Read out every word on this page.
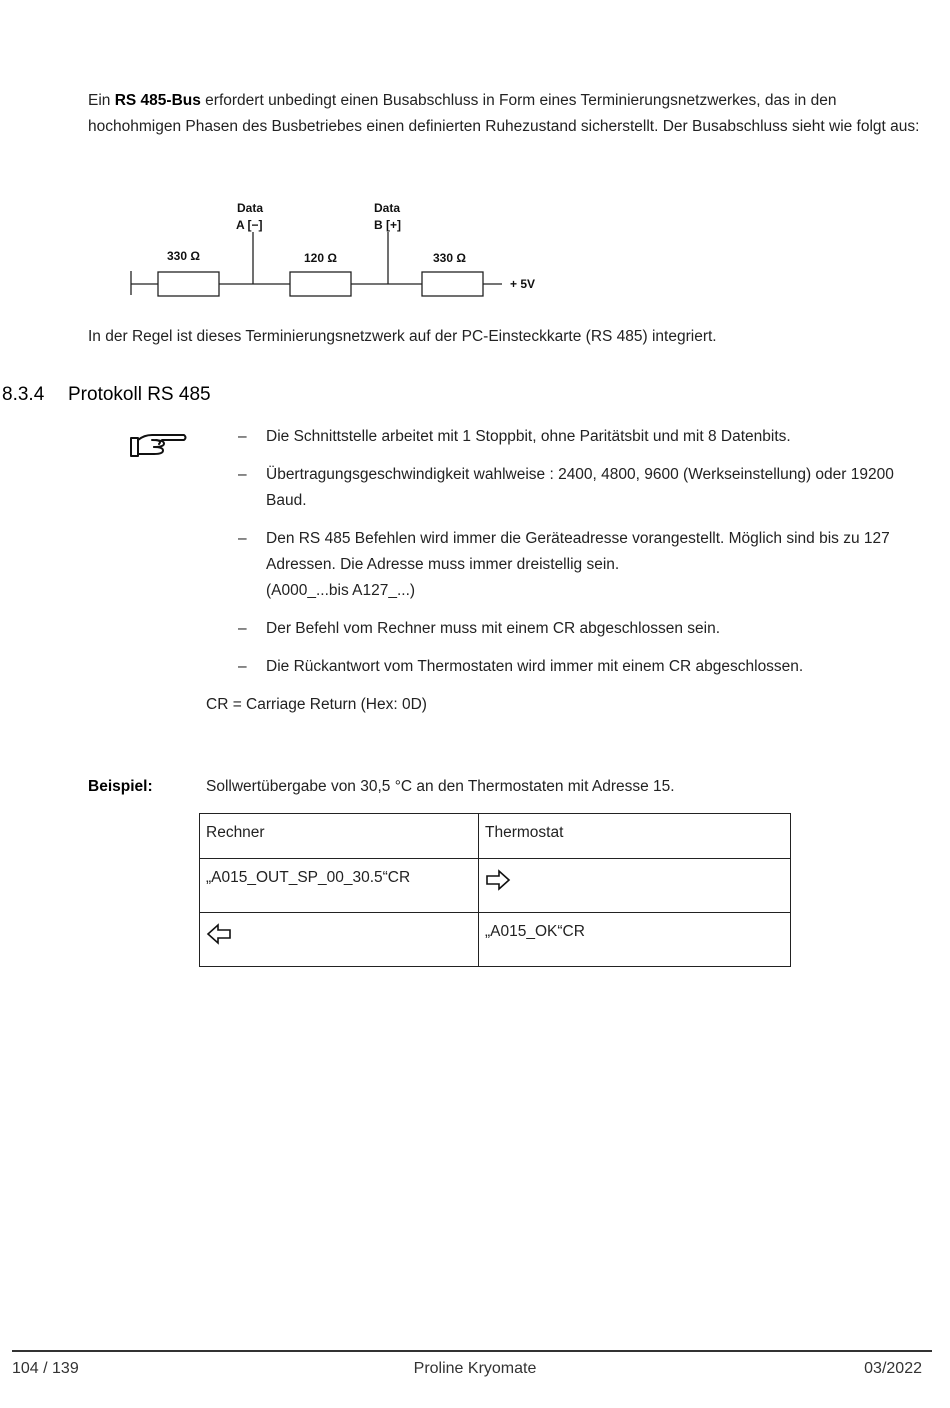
Ein RS 485-Bus erfordert unbedingt einen Busabschluss in Form eines Terminierungsnetzwerkes, das in den hochohmigen Phasen des Busbetriebes einen definierten Ruhezustand sicherstellt. Der Busabschluss sieht wie folgt aus:
Data
A [−]
Data
B [+]
330 Ω	120 Ω	330 Ω
+ 5V
In der Regel ist dieses Terminierungsnetzwerk auf der PC-Einsteckkarte (RS 485) integriert.
8.3.4 Protokoll RS 485
– Die Schnittstelle arbeitet mit 1 Stoppbit, ohne Paritätsbit und mit 8 Datenbits.
– Übertragungsgeschwindigkeit wahlweise : 2400, 4800, 9600 (Werkseinstellung) oder 19200 Baud.
– Den RS 485 Befehlen wird immer die Geräteadresse vorangestellt. Möglich sind bis zu 127 Adressen. Die Adresse muss immer dreistellig sein.
(A000_...bis A127_...)
– Der Befehl vom Rechner muss mit einem CR abgeschlossen sein.
– Die Rückantwort vom Thermostaten wird immer mit einem CR abgeschlossen.
CR = Carriage Return (Hex: 0D)
Beispiel:	Sollwertübergabe von 30,5 °C an den Thermostaten mit Adresse 15.
Rechner	Thermostat
„A015_OUT_SP_00_30.5“CR	
	„A015_OK“CR
104 / 139	Proline Kryomate	03/2022
